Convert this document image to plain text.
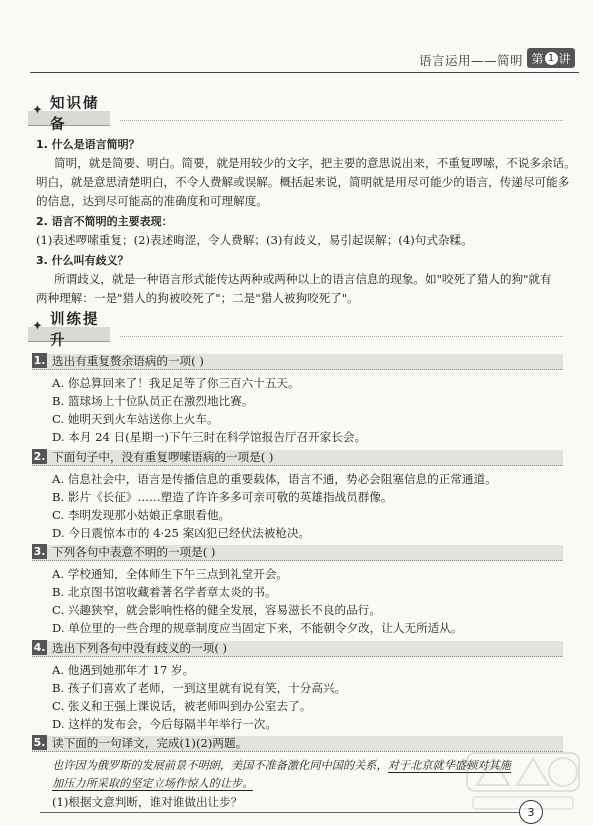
语言运用——简明 第 1 讲
✦ 知识储备
1. 什么是语言简明？
简明，就是简要、明白。简要，就是用较少的文字，把主要的意思说出来，不重复啰嗦，不说多余话。
明白，就是意思清楚明白，不令人费解或误解。概括起来说，简明就是用尽可能少的语言，传递尽可能多
的信息，达到尽可能高的准确度和可理解度。
2. 语言不简明的主要表现：
(1)表述啰嗦重复；(2)表述晦涩，令人费解；(3)有歧义，易引起误解；(4)句式杂糅。
3. 什么叫有歧义？
所谓歧义，就是一种语言形式能传达两种或两种以上的语言信息的现象。如"咬死了猎人的狗"就有
两种理解：一是"猎人的狗被咬死了"；二是"猎人被狗咬死了"。
✦ 训练提升
1. 选出有重复赘余语病的一项( )
A. 你总算回来了！我足足等了你三百六十五天。
B. 篮球场上十位队员正在激烈地比赛。
C. 她明天到火车站送你上火车。
D. 本月 24 日(星期一)下午三时在科学馆报告厅召开家长会。
2. 下面句子中，没有重复啰嗦语病的一项是( )
A. 信息社会中，语言是传播信息的重要载体，语言不通，势必会阻塞信息的正常通道。
B. 影片《长征》……塑造了许许多多可亲可敬的英雄指战员群像。
C. 李明发现那小姑娘正拿眼看他。
D. 今日震惊本市的 4·25 案凶犯已经伏法被枪决。
3. 下列各句中表意不明的一项是( )
A. 学校通知，全体师生下午三点到礼堂开会。
B. 北京图书馆收藏着著名学者章太炎的书。
C. 兴趣狭窄，就会影响性格的健全发展，容易滋长不良的品行。
D. 单位里的一些合理的规章制度应当固定下来，不能朝令夕改，让人无所适从。
4. 选出下列各句中没有歧义的一项( )
A. 他遇到她那年才 17 岁。
B. 孩子们喜欢了老师，一到这里就有说有笑，十分高兴。
C. 张义和王强上课说话，被老师叫到办公室去了。
D. 这样的发布会，今后每隔半年举行一次。
5. 读下面的一句译文，完成(1)(2)两题。
也许因为俄罗斯的发展前景不明朗，美国不准备激化同中国的关系，对于北京就华盛顿对其施
加压力所采取的坚定立场作惊人的让步。
(1)根据文意判断，谁对谁做出让步？
3
